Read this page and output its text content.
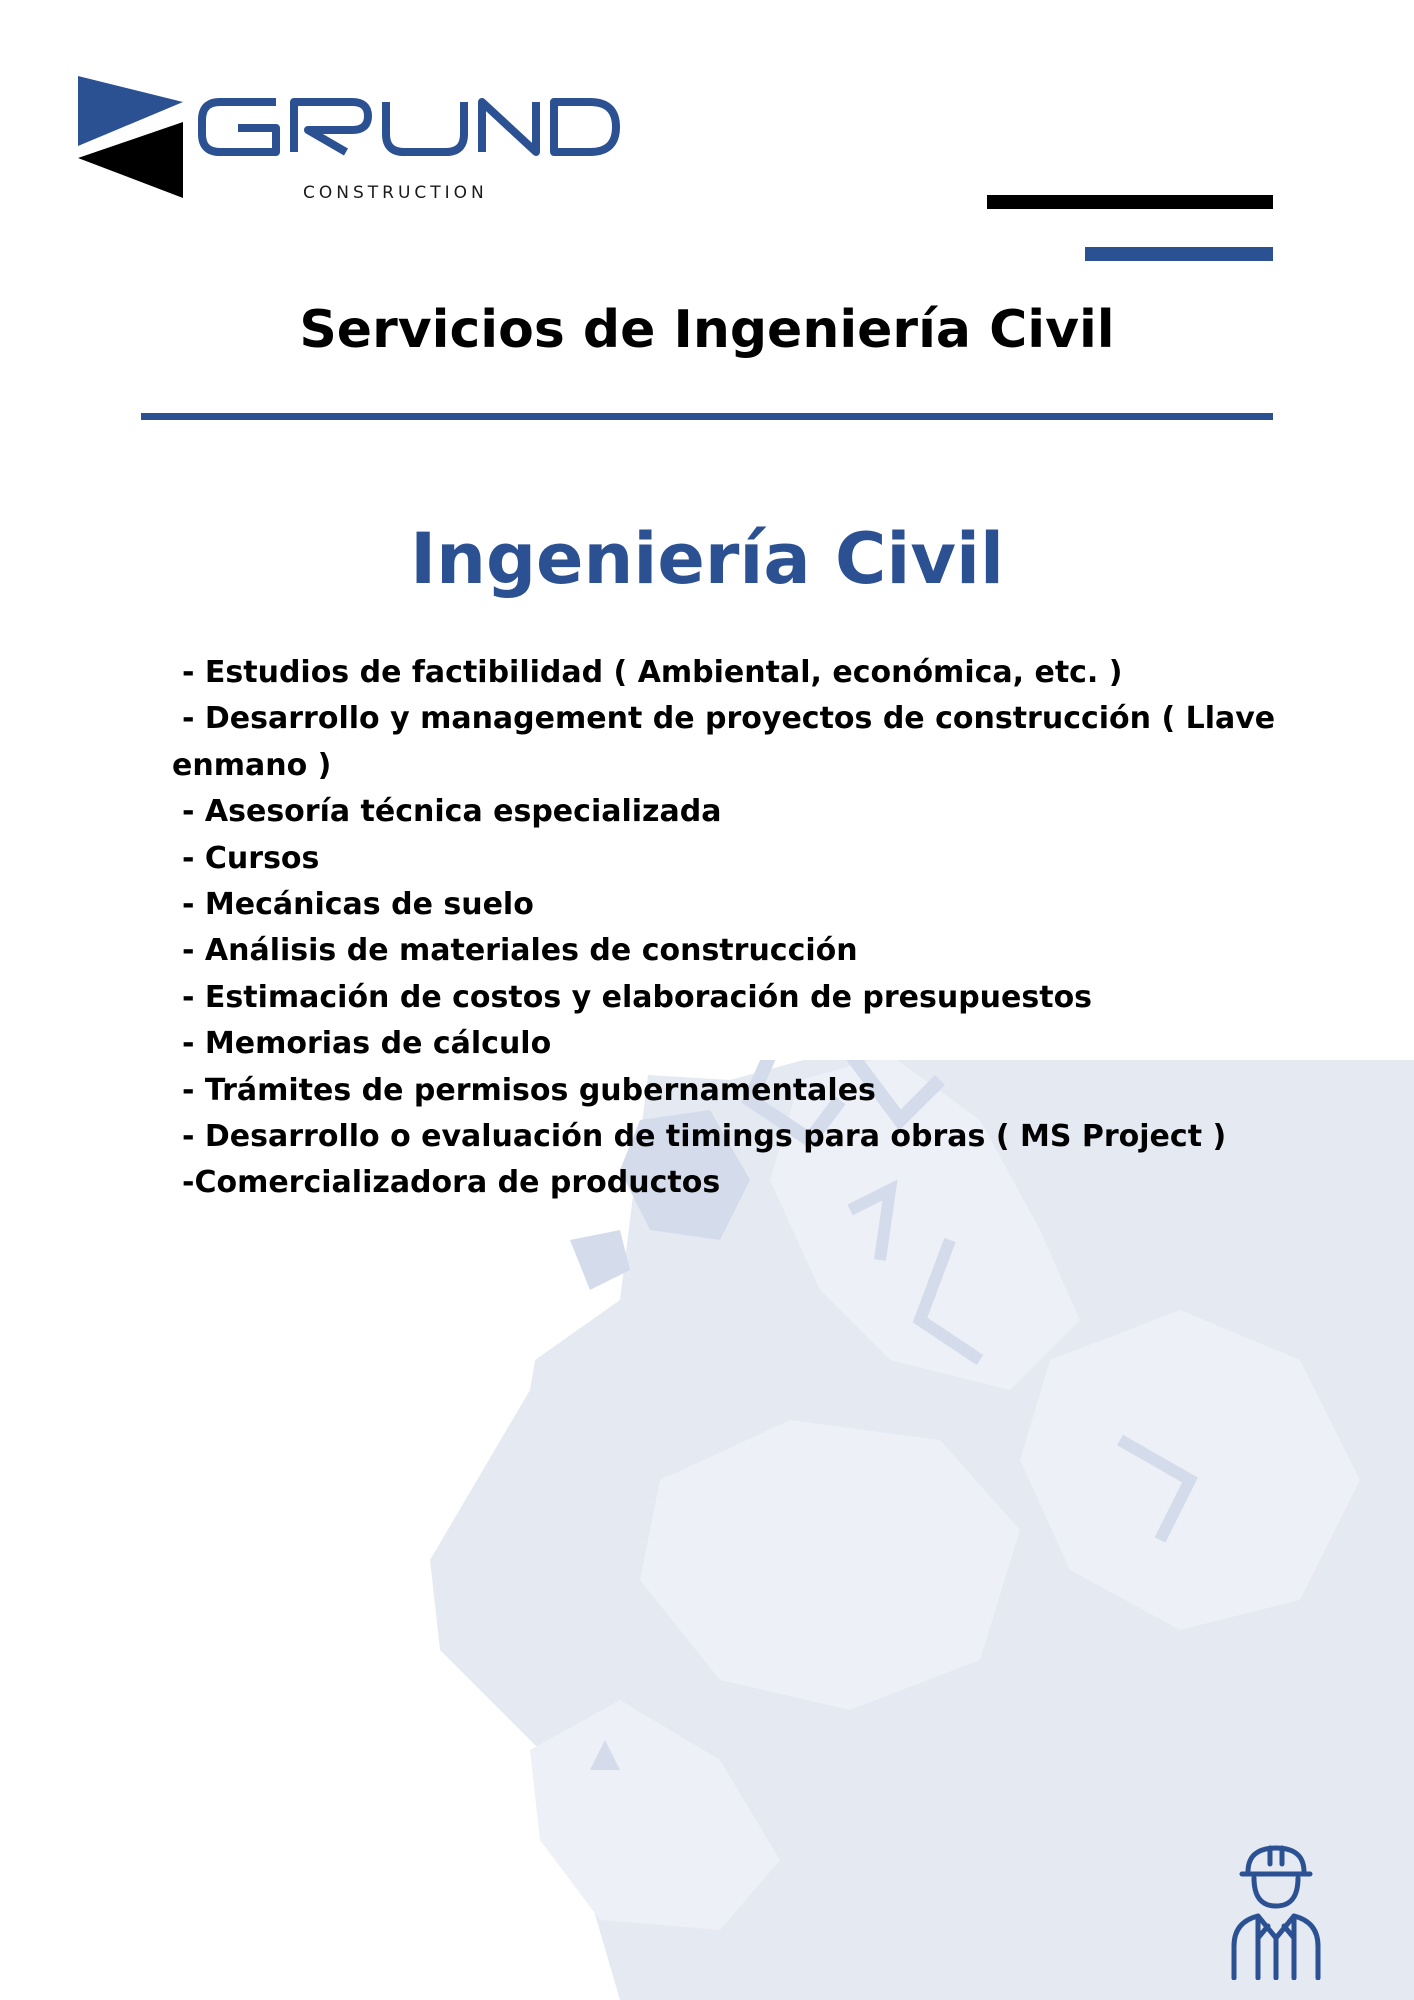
CONSTRUCTION
Servicios de Ingeniería Civil
Ingeniería Civil
- Estudios de factibilidad ( Ambiental, económica, etc. )
- Desarrollo y management de proyectos de construcción ( Llave
enmano )
- Asesoría técnica especializada
- Cursos
- Mecánicas de suelo
- Análisis de materiales de construcción
- Estimación de costos y elaboración de presupuestos
- Memorias de cálculo
- Trámites de permisos gubernamentales
- Desarrollo o evaluación de timings para obras ( MS Project )
-Comercializadora de productos
